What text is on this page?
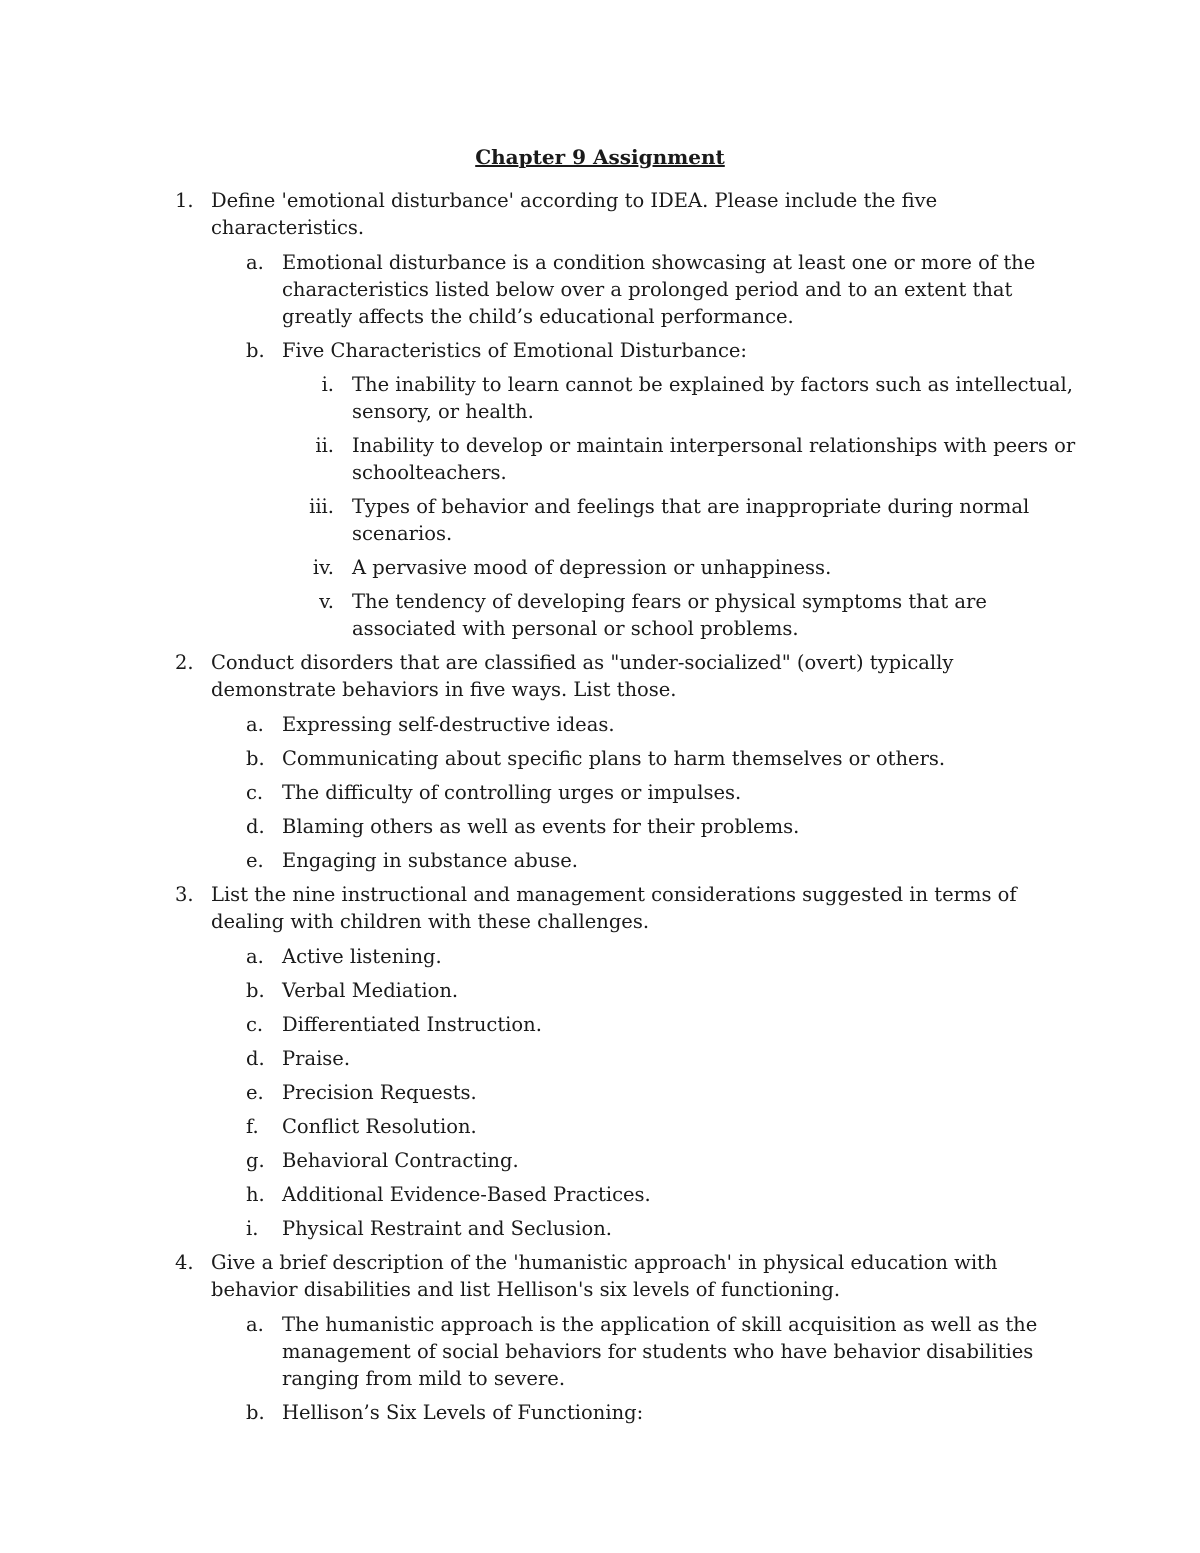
Chapter 9 Assignment
1. Define 'emotional disturbance' according to IDEA. Please include the five characteristics.
a. Emotional disturbance is a condition showcasing at least one or more of the characteristics listed below over a prolonged period and to an extent that greatly affects the child’s educational performance.
b. Five Characteristics of Emotional Disturbance:
i. The inability to learn cannot be explained by factors such as intellectual, sensory, or health.
ii. Inability to develop or maintain interpersonal relationships with peers or schoolteachers.
iii. Types of behavior and feelings that are inappropriate during normal scenarios.
iv. A pervasive mood of depression or unhappiness.
v. The tendency of developing fears or physical symptoms that are associated with personal or school problems.
2. Conduct disorders that are classified as "under-socialized" (overt) typically demonstrate behaviors in five ways. List those.
a. Expressing self-destructive ideas.
b. Communicating about specific plans to harm themselves or others.
c. The difficulty of controlling urges or impulses.
d. Blaming others as well as events for their problems.
e. Engaging in substance abuse.
3. List the nine instructional and management considerations suggested in terms of dealing with children with these challenges.
a. Active listening.
b. Verbal Mediation.
c. Differentiated Instruction.
d. Praise.
e. Precision Requests.
f. Conflict Resolution.
g. Behavioral Contracting.
h. Additional Evidence-Based Practices.
i. Physical Restraint and Seclusion.
4. Give a brief description of the 'humanistic approach' in physical education with behavior disabilities and list Hellison's six levels of functioning.
a. The humanistic approach is the application of skill acquisition as well as the management of social behaviors for students who have behavior disabilities ranging from mild to severe.
b. Hellison’s Six Levels of Functioning:
